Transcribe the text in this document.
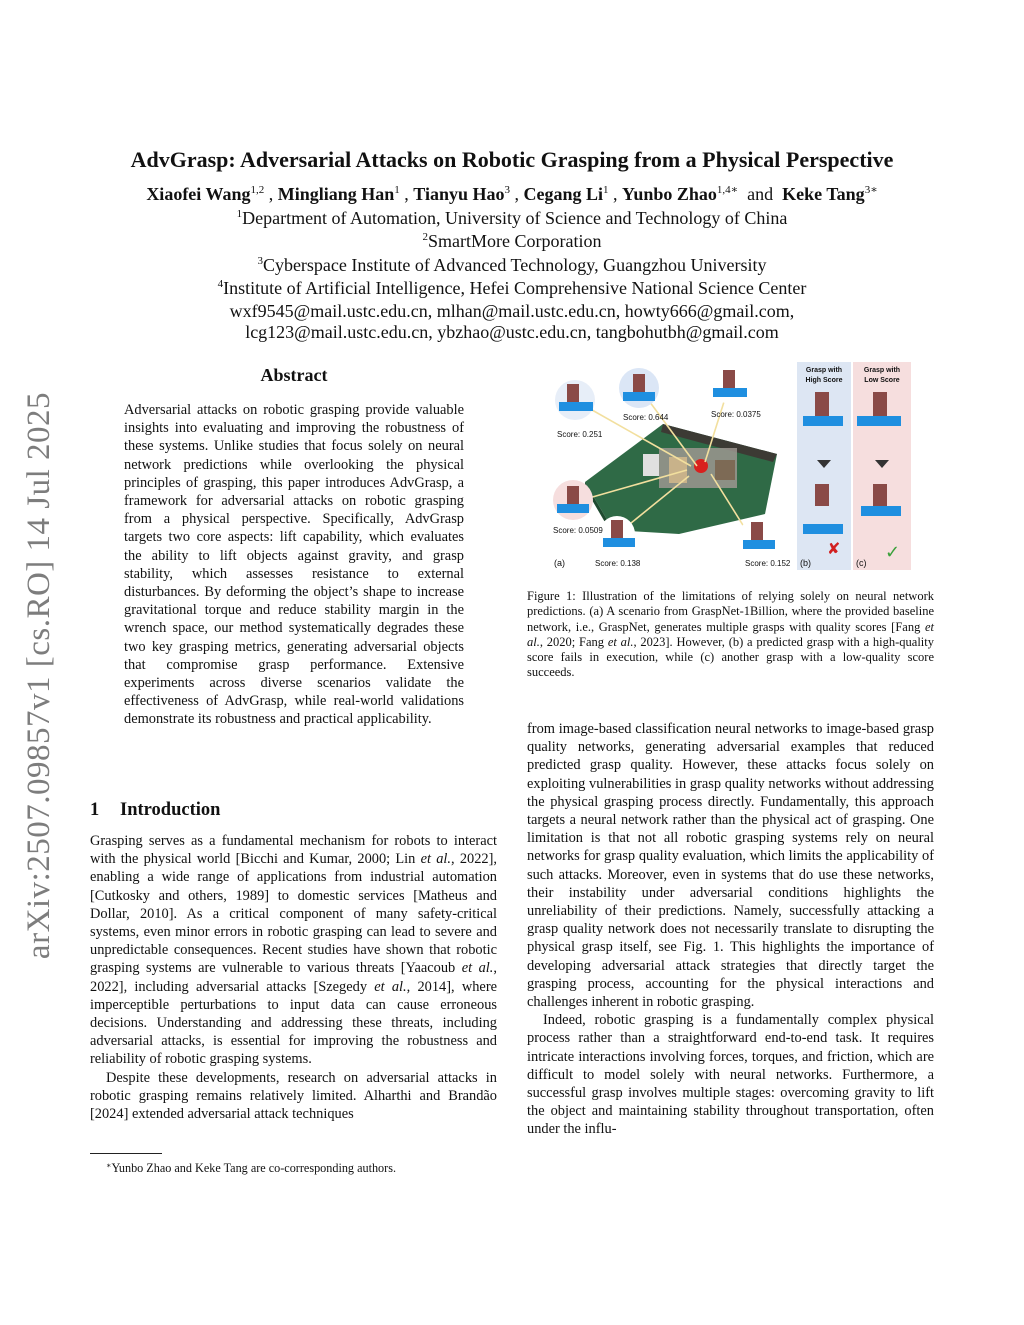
arXiv:2507.09857v1 [cs.RO] 14 Jul 2025
AdvGrasp: Adversarial Attacks on Robotic Grasping from a Physical Perspective
Xiaofei Wang$^{1,2}$ , Mingliang Han$^1$ , Tianyu Hao$^3$ , Cegang Li$^1$ , Yunbo Zhao$^{1,4∗}$ and Keke Tang$^{3∗}$
$^1$Department of Automation, University of Science and Technology of China
$^2$SmartMore Corporation
$^3$Cyberspace Institute of Advanced Technology, Guangzhou University
$^4$Institute of Artificial Intelligence, Hefei Comprehensive National Science Center
wxf9545@mail.ustc.edu.cn, mlhan@mail.ustc.edu.cn, howty666@gmail.com,
lcg123@mail.ustc.edu.cn, ybzhao@ustc.edu.cn, tangbohutbh@gmail.com
Abstract

Adversarial attacks on robotic grasping provide valuable insights into evaluating and improving the robustness of these systems. Unlike studies that focus solely on neural network predictions while overlooking the physical principles of grasping, this paper introduces AdvGrasp, a framework for adversarial attacks on robotic grasping from a physical perspective. Specifically, AdvGrasp targets two core aspects: lift capability, which evaluates the ability to lift objects against gravity, and grasp stability, which assesses resistance to external disturbances. By deforming the object’s shape to increase gravitational torque and reduce stability margin in the wrench space, our method systematically degrades these two key grasping metrics, generating adversarial objects that compromise grasp performance. Extensive experiments across diverse scenarios validate the effectiveness of AdvGrasp, while real-world validations demonstrate its robustness and practical applicability.

1 Introduction

Grasping serves as a fundamental mechanism for robots to interact with the physical world [Bicchi and Kumar, 2000; Lin et al., 2022], enabling a wide range of applications from industrial automation [Cutkosky and others, 1989] to domestic services [Matheus and Dollar, 2010]. As a critical component of many safety-critical systems, even minor errors in robotic grasping can lead to severe and unpredictable consequences. Recent studies have shown that robotic grasping systems are vulnerable to various threats [Yaacoub et al., 2022], including adversarial attacks [Szegedy et al., 2014], where imperceptible perturbations to input data can cause erroneous decisions. Understanding and addressing these threats, including adversarial attacks, is essential for improving the robustness and reliability of robotic grasping systems.

Despite these developments, research on adversarial attacks in robotic grasping remains relatively limited. Alharthi and Brandão [2024] extended adversarial attack techniques

∗Yunbo Zhao and Keke Tang are co-corresponding authors.
Score: 0.251
Score: 0.644	Score: 0.0375
Score: 0.0509
Score: 0.138	Score: 0.152
(a)
Grasp with
High Score
✘
(b)
Grasp with
Low Score
✓
(c)
Figure 1: Illustration of the limitations of relying solely on neural network predictions. (a) A scenario from GraspNet-1Billion, where the provided baseline network, i.e., GraspNet, generates multiple grasps with quality scores [Fang et al., 2020; Fang et al., 2023]. However, (b) a predicted grasp with a high-quality score fails in execution, while (c) another grasp with a low-quality score succeeds.

from image-based classification neural networks to image-based grasp quality networks, generating adversarial examples that reduced predicted grasp quality. However, these attacks focus solely on exploiting vulnerabilities in grasp quality networks without addressing the physical grasping process directly. Fundamentally, this approach targets a neural network rather than the physical act of grasping. One limitation is that not all robotic grasping systems rely on neural networks for grasp quality evaluation, which limits the applicability of such attacks. Moreover, even in systems that do use these networks, their instability under adversarial conditions highlights the unreliability of their predictions. Namely, successfully attacking a grasp quality network does not necessarily translate to disrupting the physical grasp itself, see Fig. 1. This highlights the importance of developing adversarial attack strategies that directly target the grasping process, accounting for the physical interactions and challenges inherent in robotic grasping.

Indeed, robotic grasping is a fundamentally complex physical process rather than a straightforward end-to-end task. It requires intricate interactions involving forces, torques, and friction, which are difficult to model solely with neural networks. Furthermore, a successful grasp involves multiple stages: overcoming gravity to lift the object and maintaining stability throughout transportation, often under the influ-
